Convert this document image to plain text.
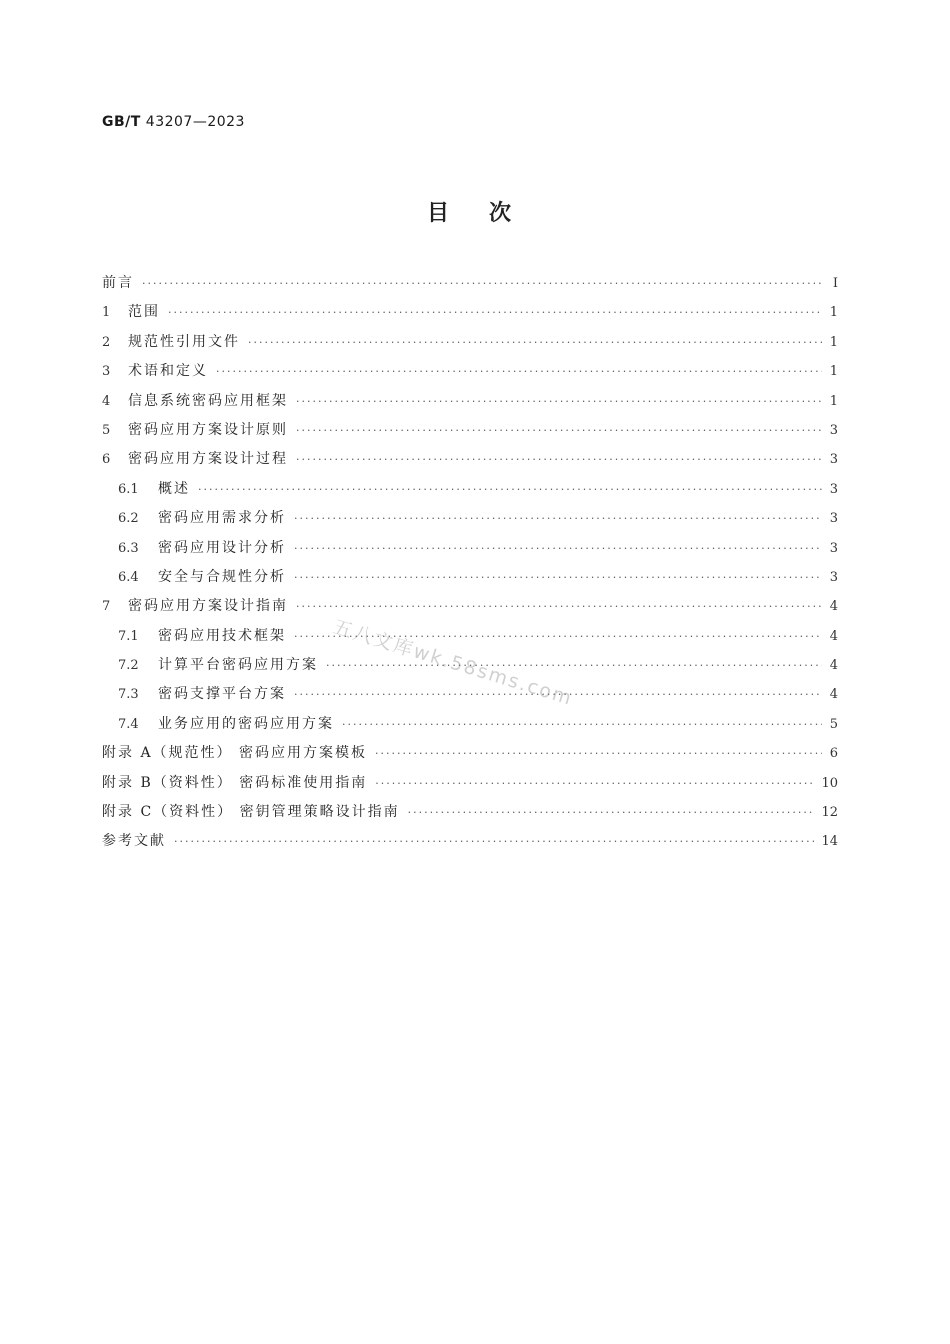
GB/T 43207—2023
目次
前言 ·····	I
1	范围 ·····	1
2	规范性引用文件 ·····	1
3	术语和定义 ·····	1
4	信息系统密码应用框架 ·····	1
5	密码应用方案设计原则 ·····	3
6	密码应用方案设计过程 ·····	3
6.1	概述 ·····	3
6.2	密码应用需求分析 ·····	3
6.3	密码应用设计分析 ·····	3
6.4	安全与合规性分析 ·····	3
7	密码应用方案设计指南 ·····	4
7.1	密码应用技术框架 ·····	4
7.2	计算平台密码应用方案 ·····	4
7.3	密码支撑平台方案 ·····	4
7.4	业务应用的密码应用方案 ·····	5
附录 A（规范性） 密码应用方案模板 ·····	6
附录 B（资料性） 密码标准使用指南 ·····	10
附录 C（资料性） 密钥管理策略设计指南 ·····	12
参考文献 ·····	14
五八文库wk.58sms.com
